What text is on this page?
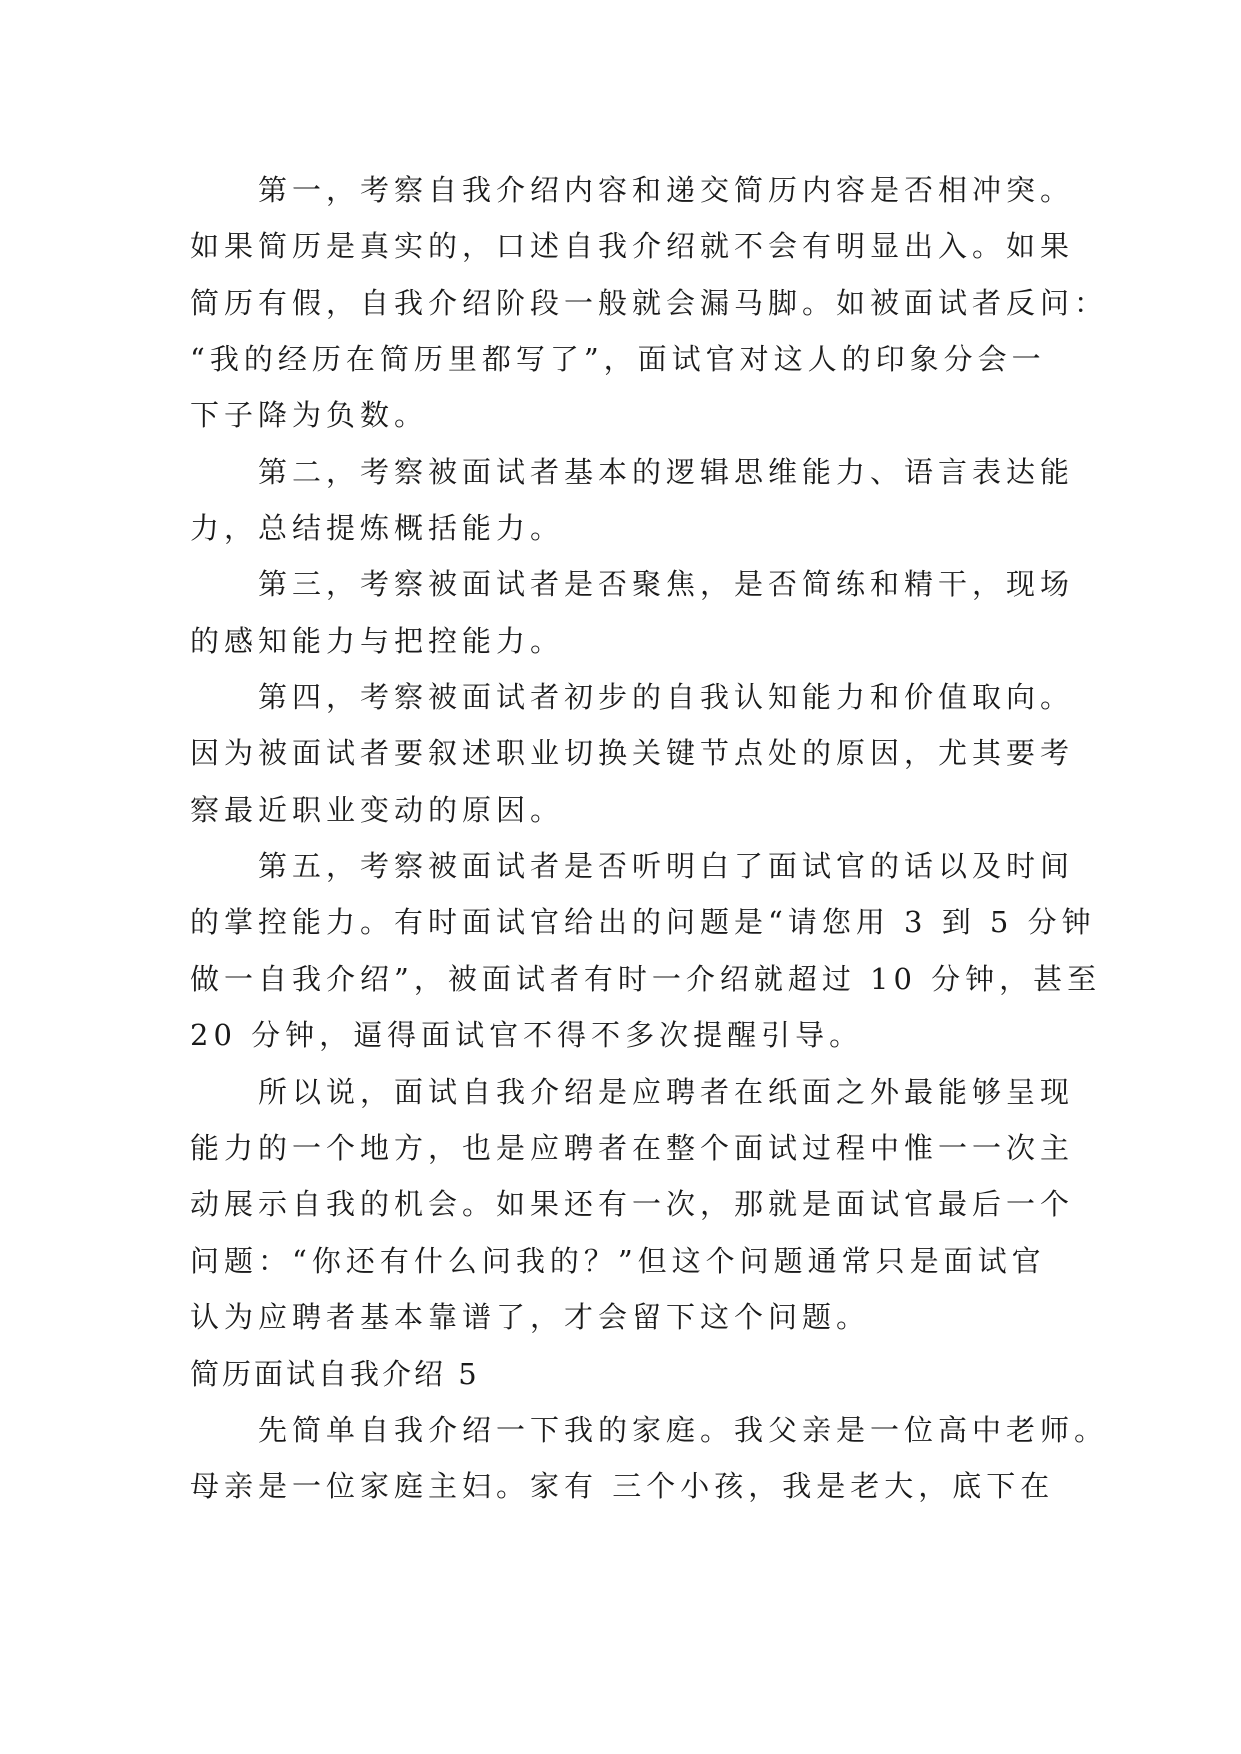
第一，考察自我介绍内容和递交简历内容是否相冲突。
如果简历是真实的，口述自我介绍就不会有明显出入。如果
简历有假，自我介绍阶段一般就会漏马脚。如被面试者反问：
“我的经历在简历里都写了”，面试官对这人的印象分会一
下子降为负数。
第二，考察被面试者基本的逻辑思维能力、语言表达能
力，总结提炼概括能力。
第三，考察被面试者是否聚焦，是否简练和精干，现场
的感知能力与把控能力。
第四，考察被面试者初步的自我认知能力和价值取向。
因为被面试者要叙述职业切换关键节点处的原因，尤其要考
察最近职业变动的原因。
第五，考察被面试者是否听明白了面试官的话以及时间
的掌控能力。有时面试官给出的问题是“请您用 3 到 5 分钟
做一自我介绍”，被面试者有时一介绍就超过 10 分钟，甚至
20 分钟，逼得面试官不得不多次提醒引导。
所以说，面试自我介绍是应聘者在纸面之外最能够呈现
能力的一个地方，也是应聘者在整个面试过程中惟一一次主
动展示自我的机会。如果还有一次，那就是面试官最后一个
问题：“你还有什么问我的？”但这个问题通常只是面试官
认为应聘者基本靠谱了，才会留下这个问题。
简历面试自我介绍 5
先简单自我介绍一下我的家庭。我父亲是一位高中老师。
母亲是一位家庭主妇。家有 三个小孩，我是老大，底下在
